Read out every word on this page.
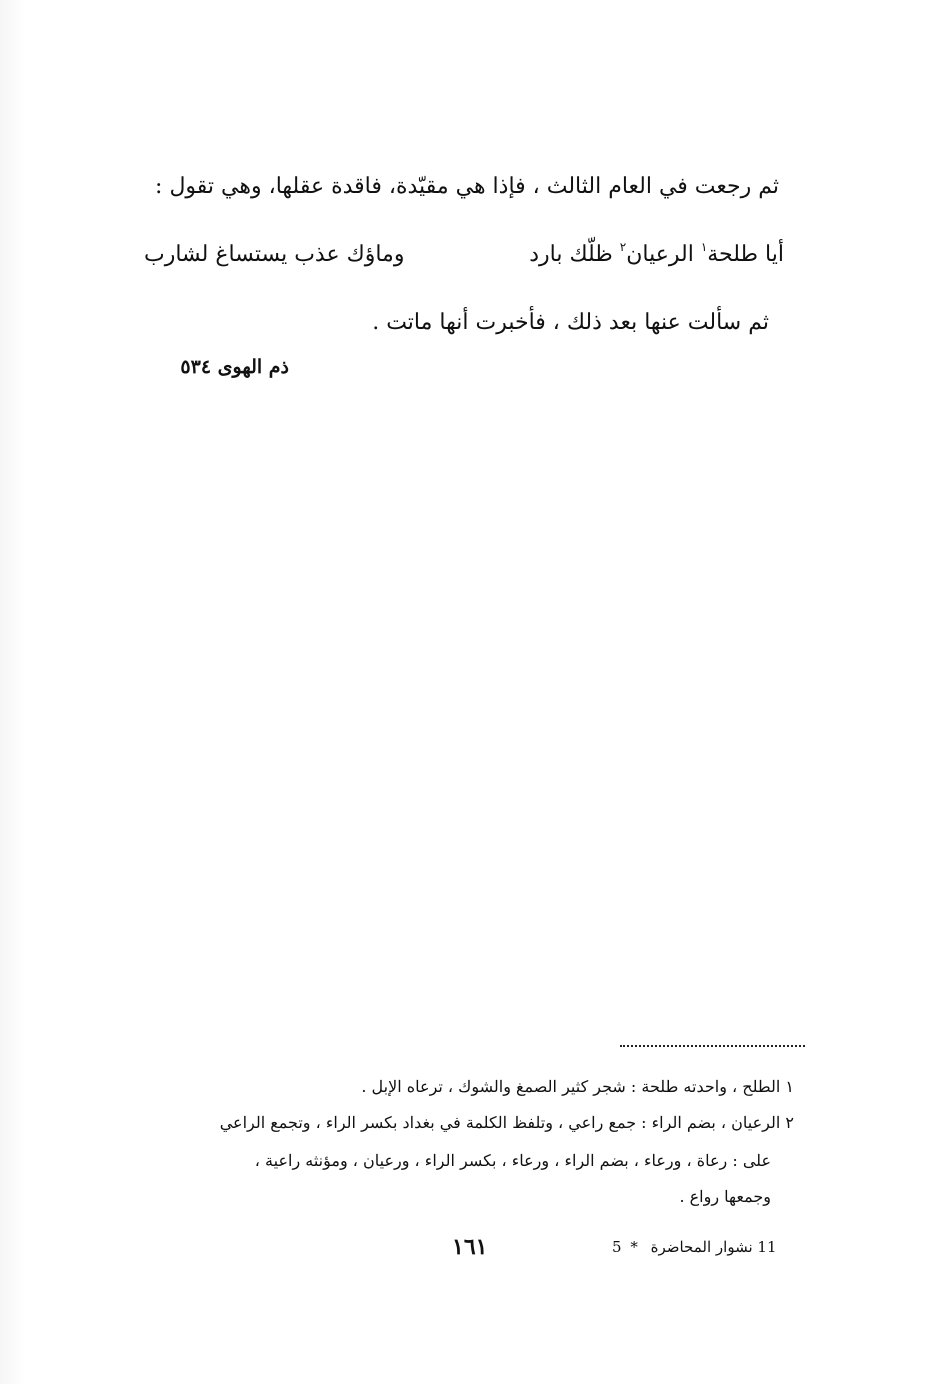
ثم رجعت في العام الثالث ، فإذا هي مقيّدة، فاقدة عقلها، وهي تقول :
أيا طلحة$^١$ الرعيان$^٢$ ظلّك بارد
وماؤك عذب يستساغ لشارب
ثم سألت عنها بعد ذلك ، فأخبرت أنها ماتت .
ذم الهوى ٥٣٤
١ الطلح ، واحدته طلحة : شجر كثير الصمغ والشوك ، ترعاه الإبل .
٢ الرعيان ، بضم الراء : جمع راعي ، وتلفظ الكلمة في بغداد بكسر الراء ، وتجمع الراعي
على : رعاة ، ورعاء ، بضم الراء ، ورعاء ، بكسر الراء ، ورعيان ، ومؤنثه راعية ،
وجمعها رواع .
١٦١	5 * نشوار المحاضرة 11
